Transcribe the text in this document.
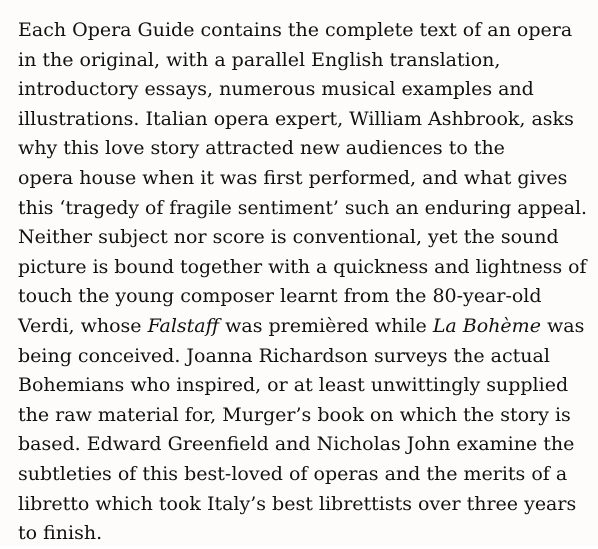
Each Opera Guide contains the complete text of an opera
in the original, with a parallel English translation,
introductory essays, numerous musical examples and
illustrations. Italian opera expert, William Ashbrook, asks
why this love story attracted new audiences to the
opera house when it was first performed, and what gives
this ‘tragedy of fragile sentiment’ such an enduring appeal.
Neither subject nor score is conventional, yet the sound
picture is bound together with a quickness and lightness of
touch the young composer learnt from the 80-year-old
Verdi, whose Falstaff was premièred while La Bohème was
being conceived. Joanna Richardson surveys the actual
Bohemians who inspired, or at least unwittingly supplied
the raw material for, Murger’s book on which the story is
based. Edward Greenfield and Nicholas John examine the
subtleties of this best-loved of operas and the merits of a
libretto which took Italy’s best librettists over three years
to finish.
